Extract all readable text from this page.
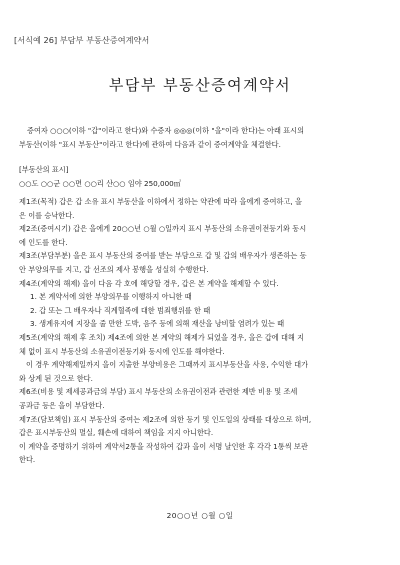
[서식예 26] 부담부 부동산증여계약서
부담부 부동산증여계약서

증여자 ○○○(이하 "갑"이라고 한다)와 수증자 ◎◎◎(이하 "을"이라 한다)는 아래 표시의

부동산(이하 "표시 부동산"이라고 한다)에 관하여 다음과 같이 증여계약을 체결한다.

[부동산의 표시]

○○도 ○○군 ○○면 ○○리 산○○ 임야 250,000㎡

제1조(목적) 갑은 갑 소유 표시 부동산을 이하에서 정하는 약관에 따라 을에게 증여하고, 을

은 이를 승낙한다.

제2조(증여시기) 갑은 을에게 20○○년 ○월 ○일까지 표시 부동산의 소유권이전등기와 동시

에 인도를 한다.

제3조(부담부분) 을은 표시 부동산의 증여를 받는 부담으로 갑 및 갑의 배우자가 생존하는 동

안 부양의무를 지고, 갑 선조의 제사 봉행을 성실히 수행한다.

제4조(계약의 해제) 을이 다음 각 호에 해당할 경우, 갑은 본 계약을 해제할 수 있다.

1. 본 계약서에 의한 부양의무를 이행하지 아니한 때

2. 갑 또는 그 배우자나 직계혈족에 대한 범죄행위를 한 때

3. 생계유지에 지장을 줄 만한 도박, 음주 등에 의해 재산을 낭비할 염려가 있는 때

제5조(계약의 해제 후 조치) 제4조에 의한 본 계약의 해제가 되었을 경우, 을은 갑에 대해 지

체 없이 표시 부동산의 소유권이전등기와 동시에 인도를 해야한다.

이 경우 계약해제일까지 을이 지출한 부양비용은 그때까지 표시부동산을 사용, 수익한 대가

와 상계 된 것으로 한다.

제6조(비용 및 제세공과금의 부담) 표시 부동산의 소유권이전과 관련한 제반 비용 및 조세

공과금 등은 을이 부담한다.

제7조(담보책임) 표시 부동산의 증여는 제2조에 의한 등기 및 인도일의 상태를 대상으로 하며,

갑은 표시부동산의 멸실, 훼손에 대하여 책임을 지지 아니한다.

이 계약을 증명하기 위하여 계약서2통을 작성하여 갑과 을이 서명 날인한 후 각각 1통씩 보관

한다.

20○○년 ○월 ○일
